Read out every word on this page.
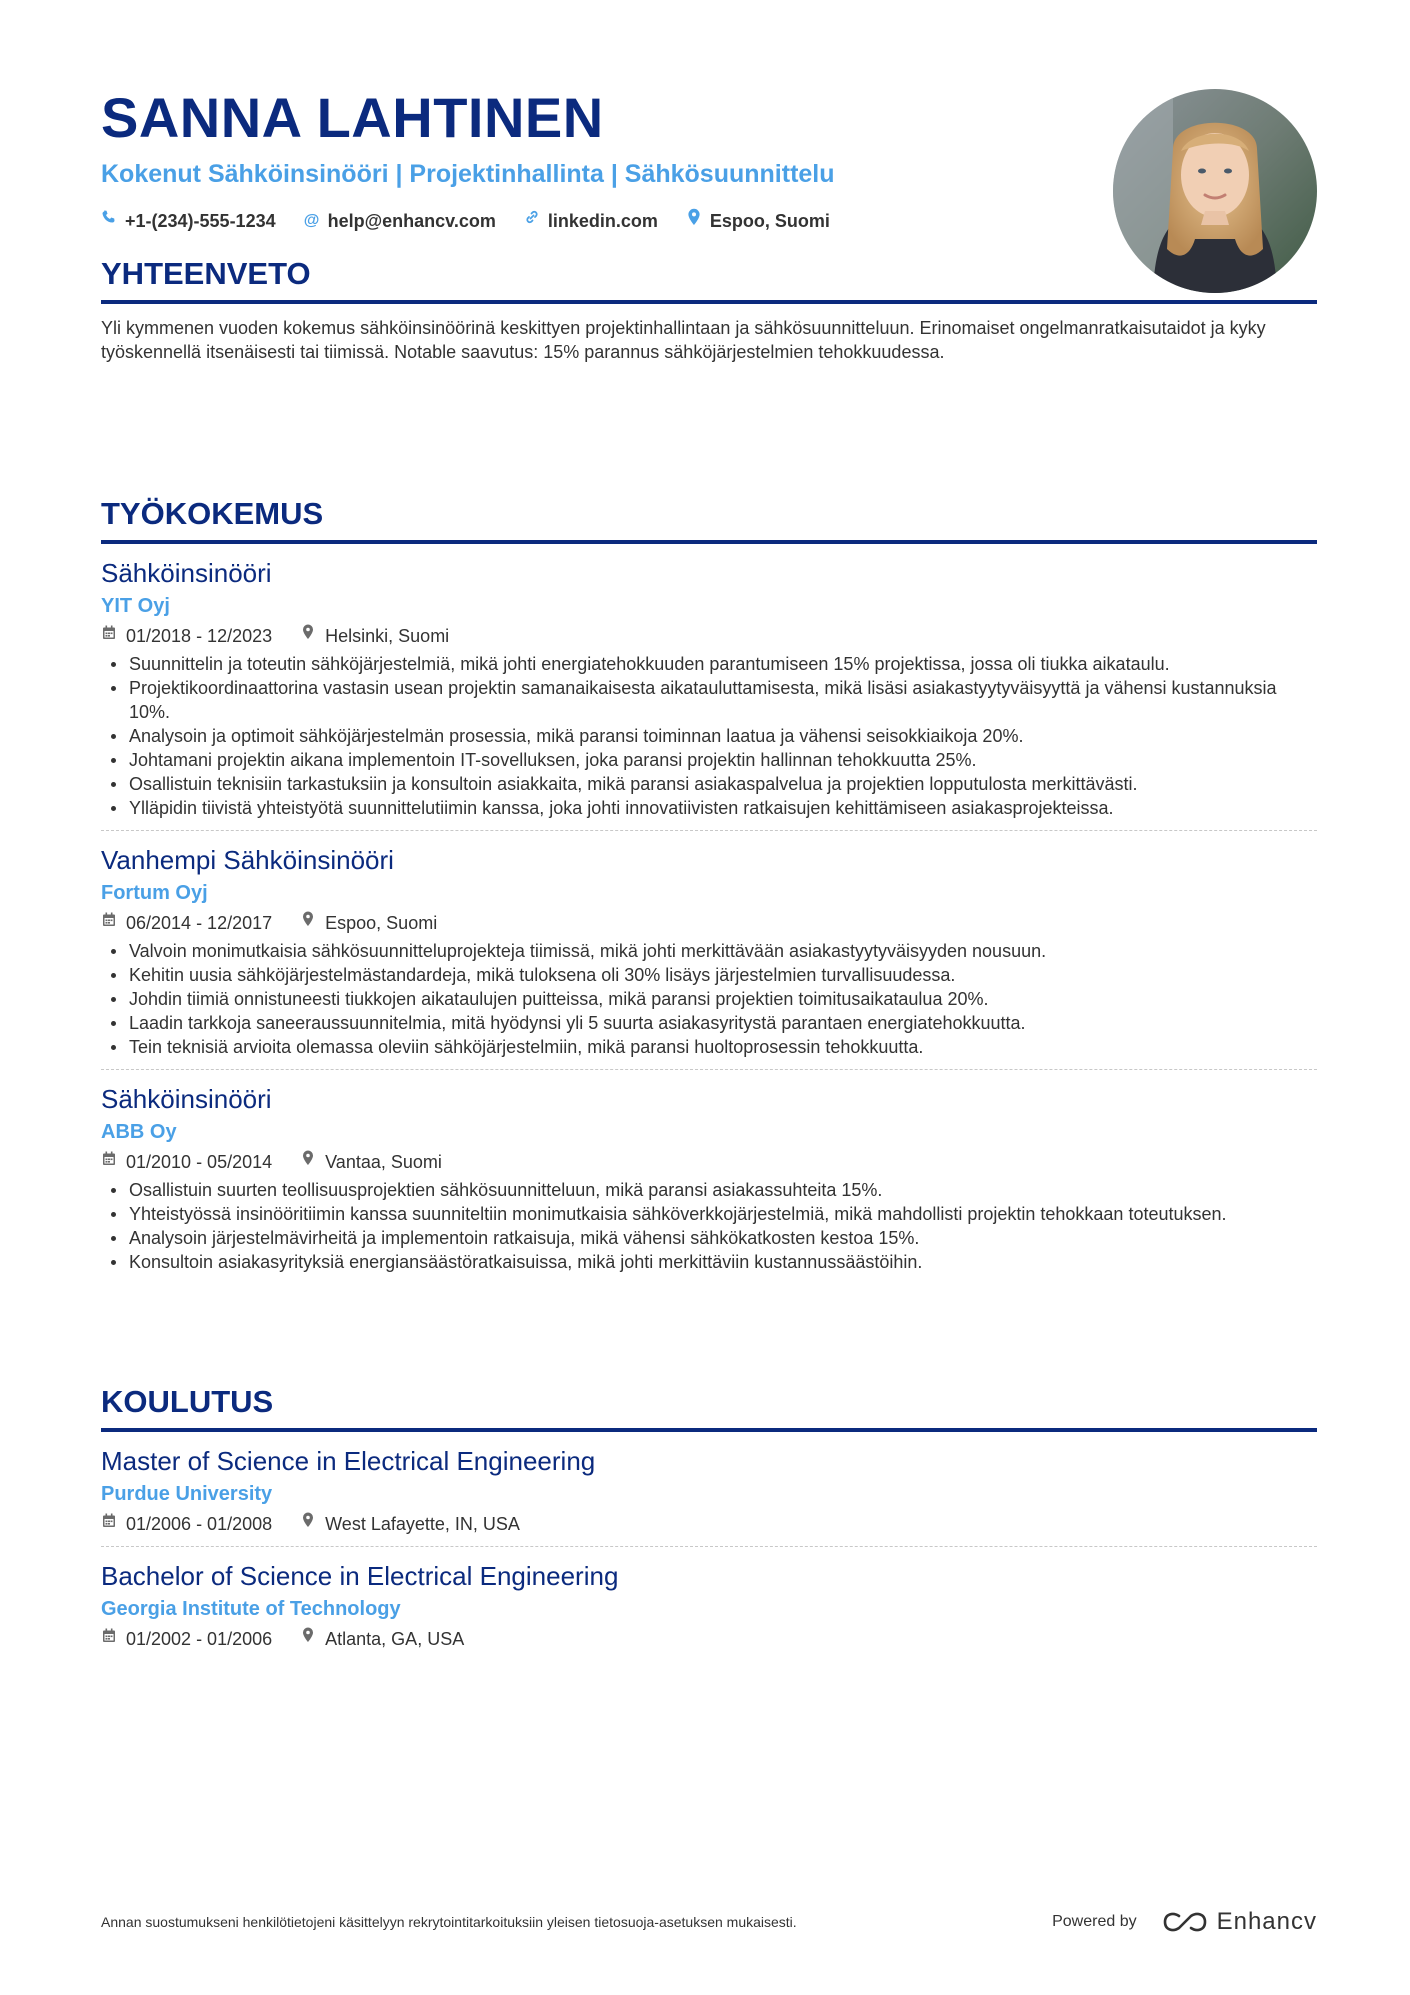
SANNA LAHTINEN
Kokenut Sähköinsinööri | Projektinhallinta | Sähkösuunnittelu
+1-(234)-555-1234 @ help@enhancv.com	linkedin.com	Espoo, Suomi
YHTEENVETO
Yli kymmenen vuoden kokemus sähköinsinöörinä keskittyen projektinhallintaan ja sähkösuunnitteluun. Erinomaiset ongelmanratkaisutaidot ja kyky työskennellä itsenäisesti tai tiimissä. Notable saavutus: 15% parannus sähköjärjestelmien tehokkuudessa.
TYÖKOKEMUS
Sähköinsinööri
YIT Oyj
01/2018 - 12/2023	Helsinki, Suomi
Suunnittelin ja toteutin sähköjärjestelmiä, mikä johti energiatehokkuuden parantumiseen 15% projektissa, jossa oli tiukka aikataulu.
Projektikoordinaattorina vastasin usean projektin samanaikaisesta aikatauluttamisesta, mikä lisäsi asiakastyytyväisyyttä ja vähensi kustannuksia 10%.
Analysoin ja optimoit sähköjärjestelmän prosessia, mikä paransi toiminnan laatua ja vähensi seisokkiaikoja 20%.
Johtamani projektin aikana implementoin IT-sovelluksen, joka paransi projektin hallinnan tehokkuutta 25%.
Osallistuin teknisiin tarkastuksiin ja konsultoin asiakkaita, mikä paransi asiakaspalvelua ja projektien lopputulosta merkittävästi.
Ylläpidin tiivistä yhteistyötä suunnittelutiimin kanssa, joka johti innovatiivisten ratkaisujen kehittämiseen asiakasprojekteissa.
Vanhempi Sähköinsinööri
Fortum Oyj
06/2014 - 12/2017	Espoo, Suomi
Valvoin monimutkaisia sähkösuunnitteluprojekteja tiimissä, mikä johti merkittävään asiakastyytyväisyyden nousuun.
Kehitin uusia sähköjärjestelmästandardeja, mikä tuloksena oli 30% lisäys järjestelmien turvallisuudessa.
Johdin tiimiä onnistuneesti tiukkojen aikataulujen puitteissa, mikä paransi projektien toimitusaikataulua 20%.
Laadin tarkkoja saneeraussuunnitelmia, mitä hyödynsi yli 5 suurta asiakasyritystä parantaen energiatehokkuutta.
Tein teknisiä arvioita olemassa oleviin sähköjärjestelmiin, mikä paransi huoltoprosessin tehokkuutta.
Sähköinsinööri
ABB Oy
01/2010 - 05/2014	Vantaa, Suomi
Osallistuin suurten teollisuusprojektien sähkösuunnitteluun, mikä paransi asiakassuhteita 15%.
Yhteistyössä insinööritiimin kanssa suunniteltiin monimutkaisia sähköverkkojärjestelmiä, mikä mahdollisti projektin tehokkaan toteutuksen.
Analysoin järjestelmävirheitä ja implementoin ratkaisuja, mikä vähensi sähkökatkosten kestoa 15%.
Konsultoin asiakasyrityksiä energiansäästöratkaisuissa, mikä johti merkittäviin kustannussäästöihin.
KOULUTUS
Master of Science in Electrical Engineering
Purdue University
01/2006 - 01/2008	West Lafayette, IN, USA
Bachelor of Science in Electrical Engineering
Georgia Institute of Technology
01/2002 - 01/2006	Atlanta, GA, USA
Annan suostumukseni henkilötietojeni käsittelyyn rekrytointitarkoituksiin yleisen tietosuoja-asetuksen mukaisesti.	Powered by	Enhancv
